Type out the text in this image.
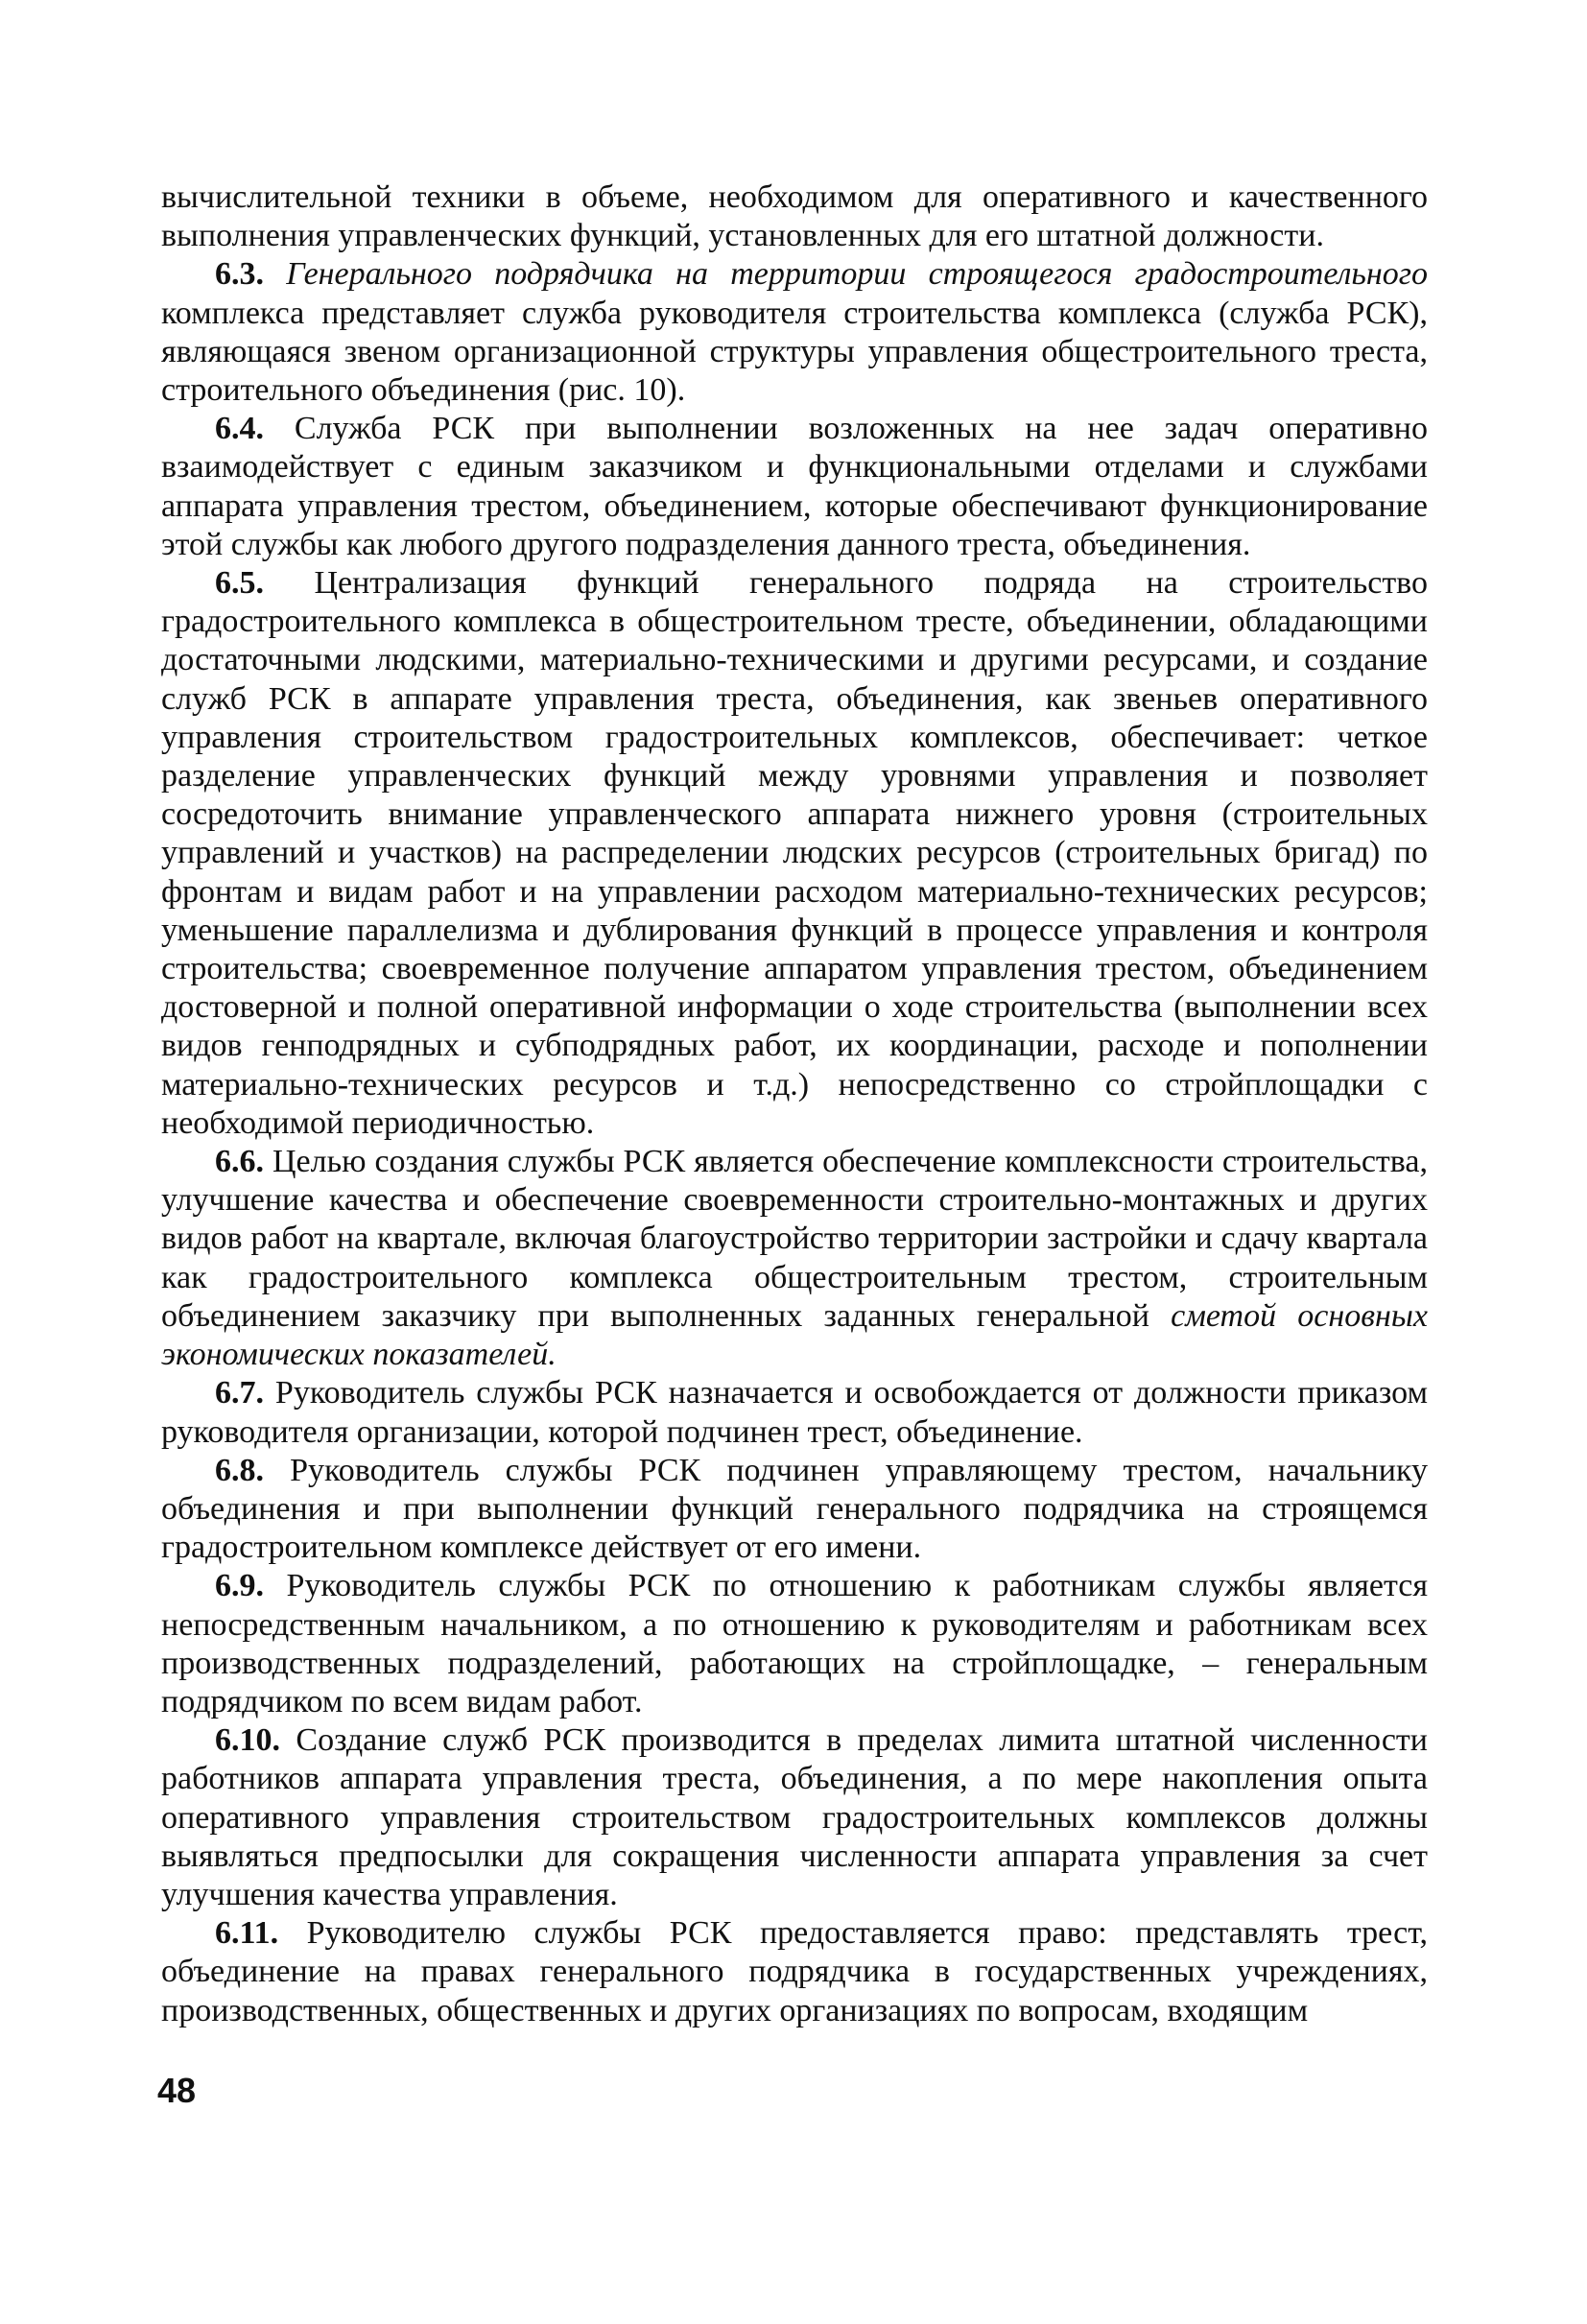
вычислительной техники в объеме, необходимом для оперативного и качественного выполнения управленческих функций, установленных для его штатной должности.

6.3. Генерального подрядчика на территории строящегося градостроительного комплекса представляет служба руководителя строительства комплекса (служба РСК), являющаяся звеном организационной структуры управления общестроительного треста, строительного объединения (рис. 10).

6.4. Служба РСК при выполнении возложенных на нее задач оперативно взаимодействует с единым заказчиком и функциональными отделами и службами аппарата управления трестом, объединением, которые обеспечивают функционирование этой службы как любого другого подразделения данного треста, объединения.

6.5. Централизация функций генерального подряда на строительство градостроительного комплекса в общестроительном тресте, объединении, обладающими достаточными людскими, материально-техническими и другими ресурсами, и создание служб РСК в аппарате управления треста, объединения, как звеньев оперативного управления строительством градостроительных комплексов, обеспечивает: четкое разделение управленческих функций между уровнями управления и позволяет сосредоточить внимание управленческого аппарата нижнего уровня (строительных управлений и участков) на распределении людских ресурсов (строительных бригад) по фронтам и видам работ и на управлении расходом материально-технических ресурсов; уменьшение параллелизма и дублирования функций в процессе управления и контроля строительства; своевременное получение аппаратом управления трестом, объединением достоверной и полной оперативной информации о ходе строительства (выполнении всех видов генподрядных и субподрядных работ, их координации, расходе и пополнении материально-технических ресурсов и т.д.) непосредственно со стройплощадки с необходимой периодичностью.

6.6. Целью создания службы РСК является обеспечение комплексности строительства, улучшение качества и обеспечение своевременности строительно-монтажных и других видов работ на квартале, включая благоустройство территории застройки и сдачу квартала как градостроительного комплекса общестроительным трестом, строительным объединением заказчику при выполненных заданных генеральной сметой основных экономических показателей.

6.7. Руководитель службы РСК назначается и освобождается от должности приказом руководителя организации, которой подчинен трест, объединение.

6.8. Руководитель службы РСК подчинен управляющему трестом, начальнику объединения и при выполнении функций генерального подрядчика на строящемся градостроительном комплексе действует от его имени.

6.9. Руководитель службы РСК по отношению к работникам службы является непосредственным начальником, а по отношению к руководителям и работникам всех производственных подразделений, работающих на стройплощадке, – генеральным подрядчиком по всем видам работ.

6.10. Создание служб РСК производится в пределах лимита штатной численности работников аппарата управления треста, объединения, а по мере накопления опыта оперативного управления строительством градостроительных комплексов должны выявляться предпосылки для сокращения численности аппарата управления за счет улучшения качества управления.

6.11. Руководителю службы РСК предоставляется право: представлять трест, объединение на правах генерального подрядчика в государственных учреждениях, производственных, общественных и других организациях по вопросам, входящим

48
